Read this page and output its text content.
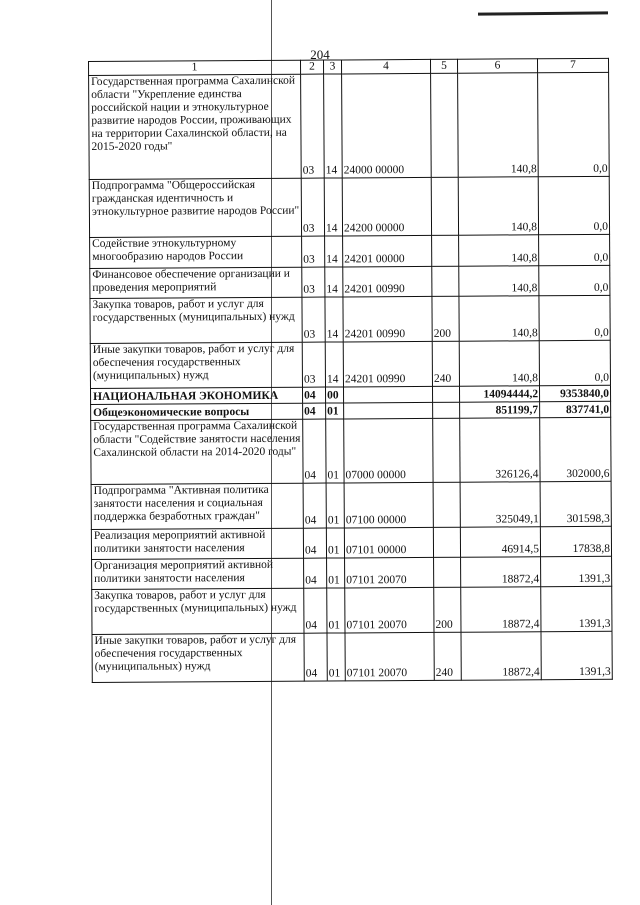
204
1	2	3	4	5	6	7
Государственная программа Сахалинской области "Укрепление единства российской нации и этнокультурное развитие народов России, проживающих на территории Сахалинской области, на 2015-2020 годы"	03	14	24000 00000		140,8	0,0
Подпрограмма "Общероссийская гражданская идентичность и этнокультурное развитие народов России"	03	14	24200 00000		140,8	0,0
Содействие этнокультурному многообразию народов России	03	14	24201 00000		140,8	0,0
Финансовое обеспечение организации и проведения мероприятий	03	14	24201 00990		140,8	0,0
Закупка товаров, работ и услуг для государственных (муниципальных) нужд	03	14	24201 00990	200	140,8	0,0
Иные закупки товаров, работ и услуг для обеспечения государственных (муниципальных) нужд	03	14	24201 00990	240	140,8	0,0
НАЦИОНАЛЬНАЯ ЭКОНОМИКА	04	00			14094444,2	9353840,0
Общеэкономические вопросы	04	01			851199,7	837741,0
Государственная программа Сахалинской области "Содействие занятости населения Сахалинской области на 2014-2020 годы"	04	01	07000 00000		326126,4	302000,6
Подпрограмма "Активная политика занятости населения и социальная поддержка безработных граждан"	04	01	07100 00000		325049,1	301598,3
Реализация мероприятий активной политики занятости населения	04	01	07101 00000		46914,5	17838,8
Организация мероприятий активной политики занятости населения	04	01	07101 20070		18872,4	1391,3
Закупка товаров, работ и услуг для государственных (муниципальных) нужд	04	01	07101 20070	200	18872,4	1391,3
Иные закупки товаров, работ и услуг для обеспечения государственных (муниципальных) нужд	04	01	07101 20070	240	18872,4	1391,3
